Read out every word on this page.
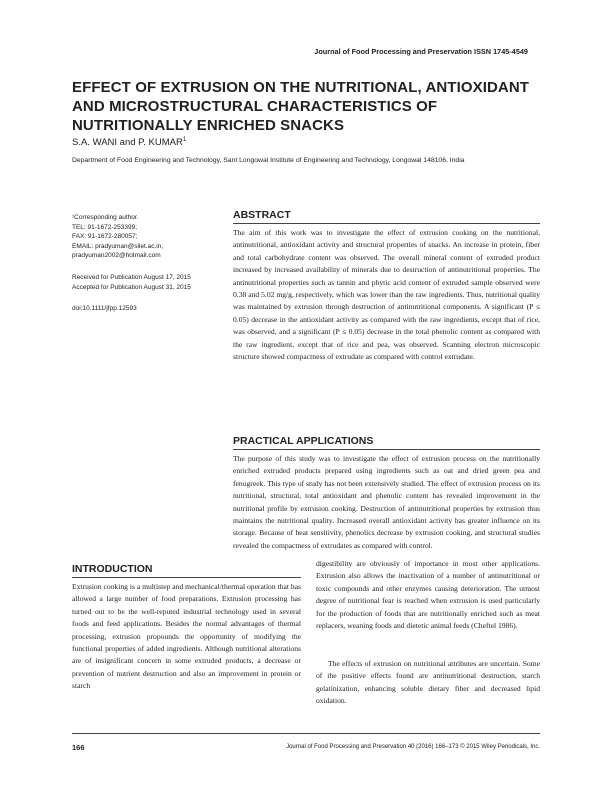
Journal of Food Processing and Preservation ISSN 1745-4549
EFFECT OF EXTRUSION ON THE NUTRITIONAL, ANTIOXIDANT AND MICROSTRUCTURAL CHARACTERISTICS OF NUTRITIONALLY ENRICHED SNACKS
S.A. WANI and P. KUMAR$^1$
Department of Food Engineering and Technology, Sant Longowal Institute of Engineering and Technology, Longowal 148106, India
¹Corresponding author.
TEL: 91-1672-253399;
FAX: 91-1672-280057;
EMAIL: pradyuman@sliet.ac.in,
pradyuman2002@hotmail.com
Received for Publication August 17, 2015
Accepted for Publication August 31, 2015
doi:10.1111/jfpp.12593
ABSTRACT

The aim of this work was to investigate the effect of extrusion cooking on the nutritional, antinutritional, antioxidant activity and structural properties of snacks. An increase in protein, fiber and total carbohydrate content was observed. The overall mineral content of extruded product increased by increased availability of minerals due to destruction of antinutritional properties. The antinutritional properties such as tannin and phytic acid content of extruded sample observed were 0.38 and 5.02 mg/g, respectively, which was lower than the raw ingredients. Thus, nutritional quality was maintained by extrusion through destruction of antinutritional components. A significant (P ≤ 0.05) decrease in the antioxidant activity as compared with the raw ingredients, except that of rice, was observed, and a significant (P ≤ 0.05) decrease in the total phenolic content as compared with the raw ingredient, except that of rice and pea, was observed. Scanning electron microscopic structure showed compactness of extrudate as compared with control extrudate.

PRACTICAL APPLICATIONS

The purpose of this study was to investigate the effect of extrusion process on the nutritionally enriched extruded products prepared using ingredients such as oat and dried green pea and fenugreek. This type of study has not been extensively studied. The effect of extrusion process on its nutritional, structural, total antioxidant and phenolic content has revealed improvement in the nutritional profile by extrusion cooking. Destruction of antinutritional properties by extrusion thus maintains the nutritional quality. Increased overall antioxidant activity has greater influence on its storage. Because of heat sensitivity, phenolics decrease by extrusion cooking, and structural studies revealed the compactness of extrudates as compared with control.

INTRODUCTION

Extrusion cooking is a multistep and mechanical/thermal operation that has allowed a large number of food preparations. Extrusion processing has turned out to be the well-reputed industrial technology used in several foods and feed applications. Besides the normal advantages of thermal processing, extrusion propounds the opportunity of modifying the functional properties of added ingredients. Although nutritional alterations are of insignificant concern in some extruded products, a decrease or prevention of nutrient destruction and also an improvement in protein or starch

digestibility are obviously of importance in most other applications. Extrusion also allows the inactivation of a number of antinutritional or toxic compounds and other enzymes causing deterioration. The utmost degree of nutritional fear is reached when extrusion is used particularly for the production of foods that are nutritionally enriched such as meat replacers, weaning foods and dietetic animal feeds (Cheftel 1986).

The effects of extrusion on nutritional attributes are uncertain. Some of the positive effects found are antinutritional destruction, starch gelatinization, enhancing soluble dietary fiber and decreased lipid oxidation.

166	Journal of Food Processing and Preservation 40 (2016) 166–173 © 2015 Wiley Periodicals, Inc.
